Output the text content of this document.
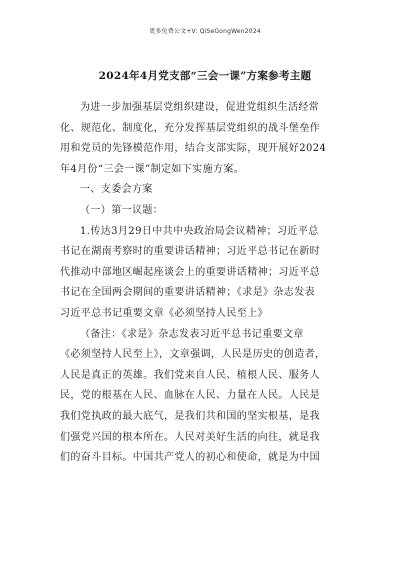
更多免费公文+V: QiSeGongWen2024
2024年4月党支部“三会一课”方案参考主题
为进一步加强基层党组织建设，促进党组织生活经常
化、规范化、制度化，充分发挥基层党组织的战斗堡垒作
用和党员的先锋模范作用，结合支部实际，现开展好2024
年4月份“三会一课”制定如下实施方案。
一、支委会方案
（一）第一议题：
1.传达3月29日中共中央政治局会议精神；习近平总
书记在湖南考察时的重要讲话精神；习近平总书记在新时
代推动中部地区崛起座谈会上的重要讲话精神；习近平总
书记在全国两会期间的重要讲话精神；《求是》杂志发表
习近平总书记重要文章《必须坚持人民至上》
（备注：《求是》杂志发表习近平总书记重要文章
《必须坚持人民至上》，文章强调，人民是历史的创造者，
人民是真正的英雄。我们党来自人民、植根人民、服务人
民，党的根基在人民、血脉在人民、力量在人民。人民是
我们党执政的最大底气，是我们共和国的坚实根基，是我
们强党兴国的根本所在。人民对美好生活的向往，就是我
们的奋斗目标。中国共产党人的初心和使命，就是为中国
